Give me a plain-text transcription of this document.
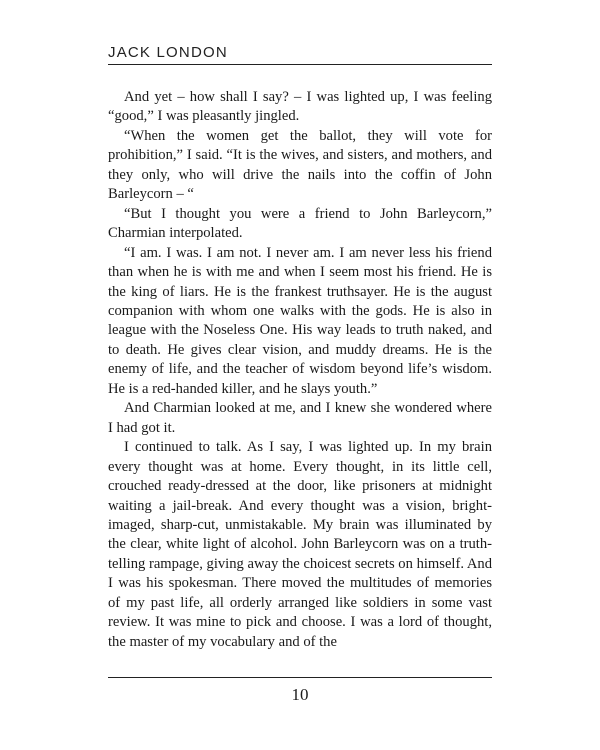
JACK LONDON

And yet – how shall I say? – I was lighted up, I was feeling “good,” I was pleasantly jingled.

“When the women get the ballot, they will vote for prohibition,” I said. “It is the wives, and sisters, and mothers, and they only, who will drive the nails into the coffin of John Barleycorn – “

“But I thought you were a friend to John Barleycorn,” Charmian interpolated.

“I am. I was. I am not. I never am. I am never less his friend than when he is with me and when I seem most his friend. He is the king of liars. He is the frankest truthsayer. He is the august companion with whom one walks with the gods. He is also in league with the Noseless One. His way leads to truth naked, and to death. He gives clear vision, and muddy dreams. He is the enemy of life, and the teacher of wisdom beyond life’s wisdom. He is a red-handed killer, and he slays youth.”

And Charmian looked at me, and I knew she wondered where I had got it.

I continued to talk. As I say, I was lighted up. In my brain every thought was at home. Every thought, in its little cell, crouched ready-dressed at the door, like prisoners at midnight waiting a jail-break. And every thought was a vision, bright-imaged, sharp-cut, unmistakable. My brain was illuminated by the clear, white light of alcohol. John Barleycorn was on a truth-telling rampage, giving away the choicest secrets on himself. And I was his spokesman. There moved the multitudes of memories of my past life, all orderly arranged like soldiers in some vast review. It was mine to pick and choose. I was a lord of thought, the master of my vocabulary and of the

10
